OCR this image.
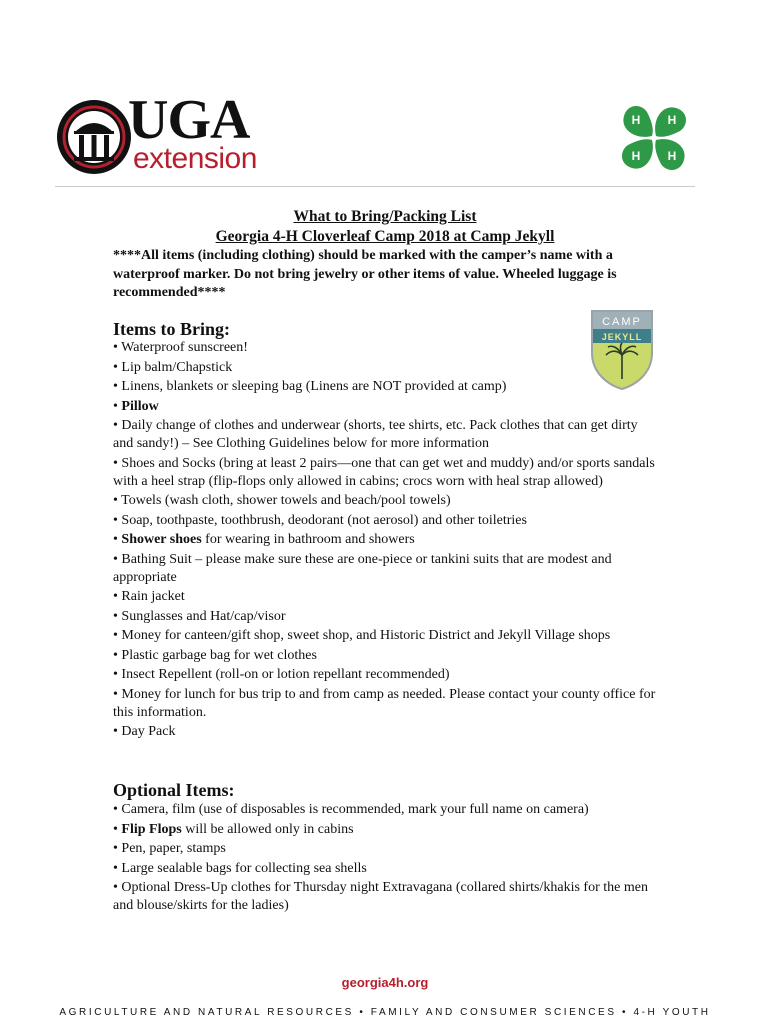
UGA
extension
H H
H H
What to Bring/Packing List
Georgia 4-H Cloverleaf Camp 2018 at Camp Jekyll
****All items (including clothing) should be marked with the camper’s name with a waterproof marker. Do not bring jewelry or other items of value. Wheeled luggage is recommended****
Items to Bring:	CAMP
JEKYLL
• Waterproof sunscreen!
• Lip balm/Chapstick
• Linens, blankets or sleeping bag (Linens are NOT provided at camp)
• Pillow
• Daily change of clothes and underwear (shorts, tee shirts, etc. Pack clothes that can get dirty and sandy!) – See Clothing Guidelines below for more information
• Shoes and Socks (bring at least 2 pairs—one that can get wet and muddy) and/or sports sandals with a heel strap (flip-flops only allowed in cabins; crocs worn with heal strap allowed)
• Towels (wash cloth, shower towels and beach/pool towels)
• Soap, toothpaste, toothbrush, deodorant (not aerosol) and other toiletries
• Shower shoes for wearing in bathroom and showers
• Bathing Suit – please make sure these are one-piece or tankini suits that are modest and appropriate
• Rain jacket
• Sunglasses and Hat/cap/visor
• Money for canteen/gift shop, sweet shop, and Historic District and Jekyll Village shops
• Plastic garbage bag for wet clothes
• Insect Repellent (roll-on or lotion repellant recommended)
• Money for lunch for bus trip to and from camp as needed. Please contact your county office for this information.
• Day Pack
Optional Items:
• Camera, film (use of disposables is recommended, mark your full name on camera)
• Flip Flops will be allowed only in cabins
• Pen, paper, stamps
• Large sealable bags for collecting sea shells
• Optional Dress-Up clothes for Thursday night Extravagana (collared shirts/khakis for the men and blouse/skirts for the ladies)
georgia4h.org
AGRICULTURE AND NATURAL RESOURCES • FAMILY AND CONSUMER SCIENCES • 4-H YOUTH
